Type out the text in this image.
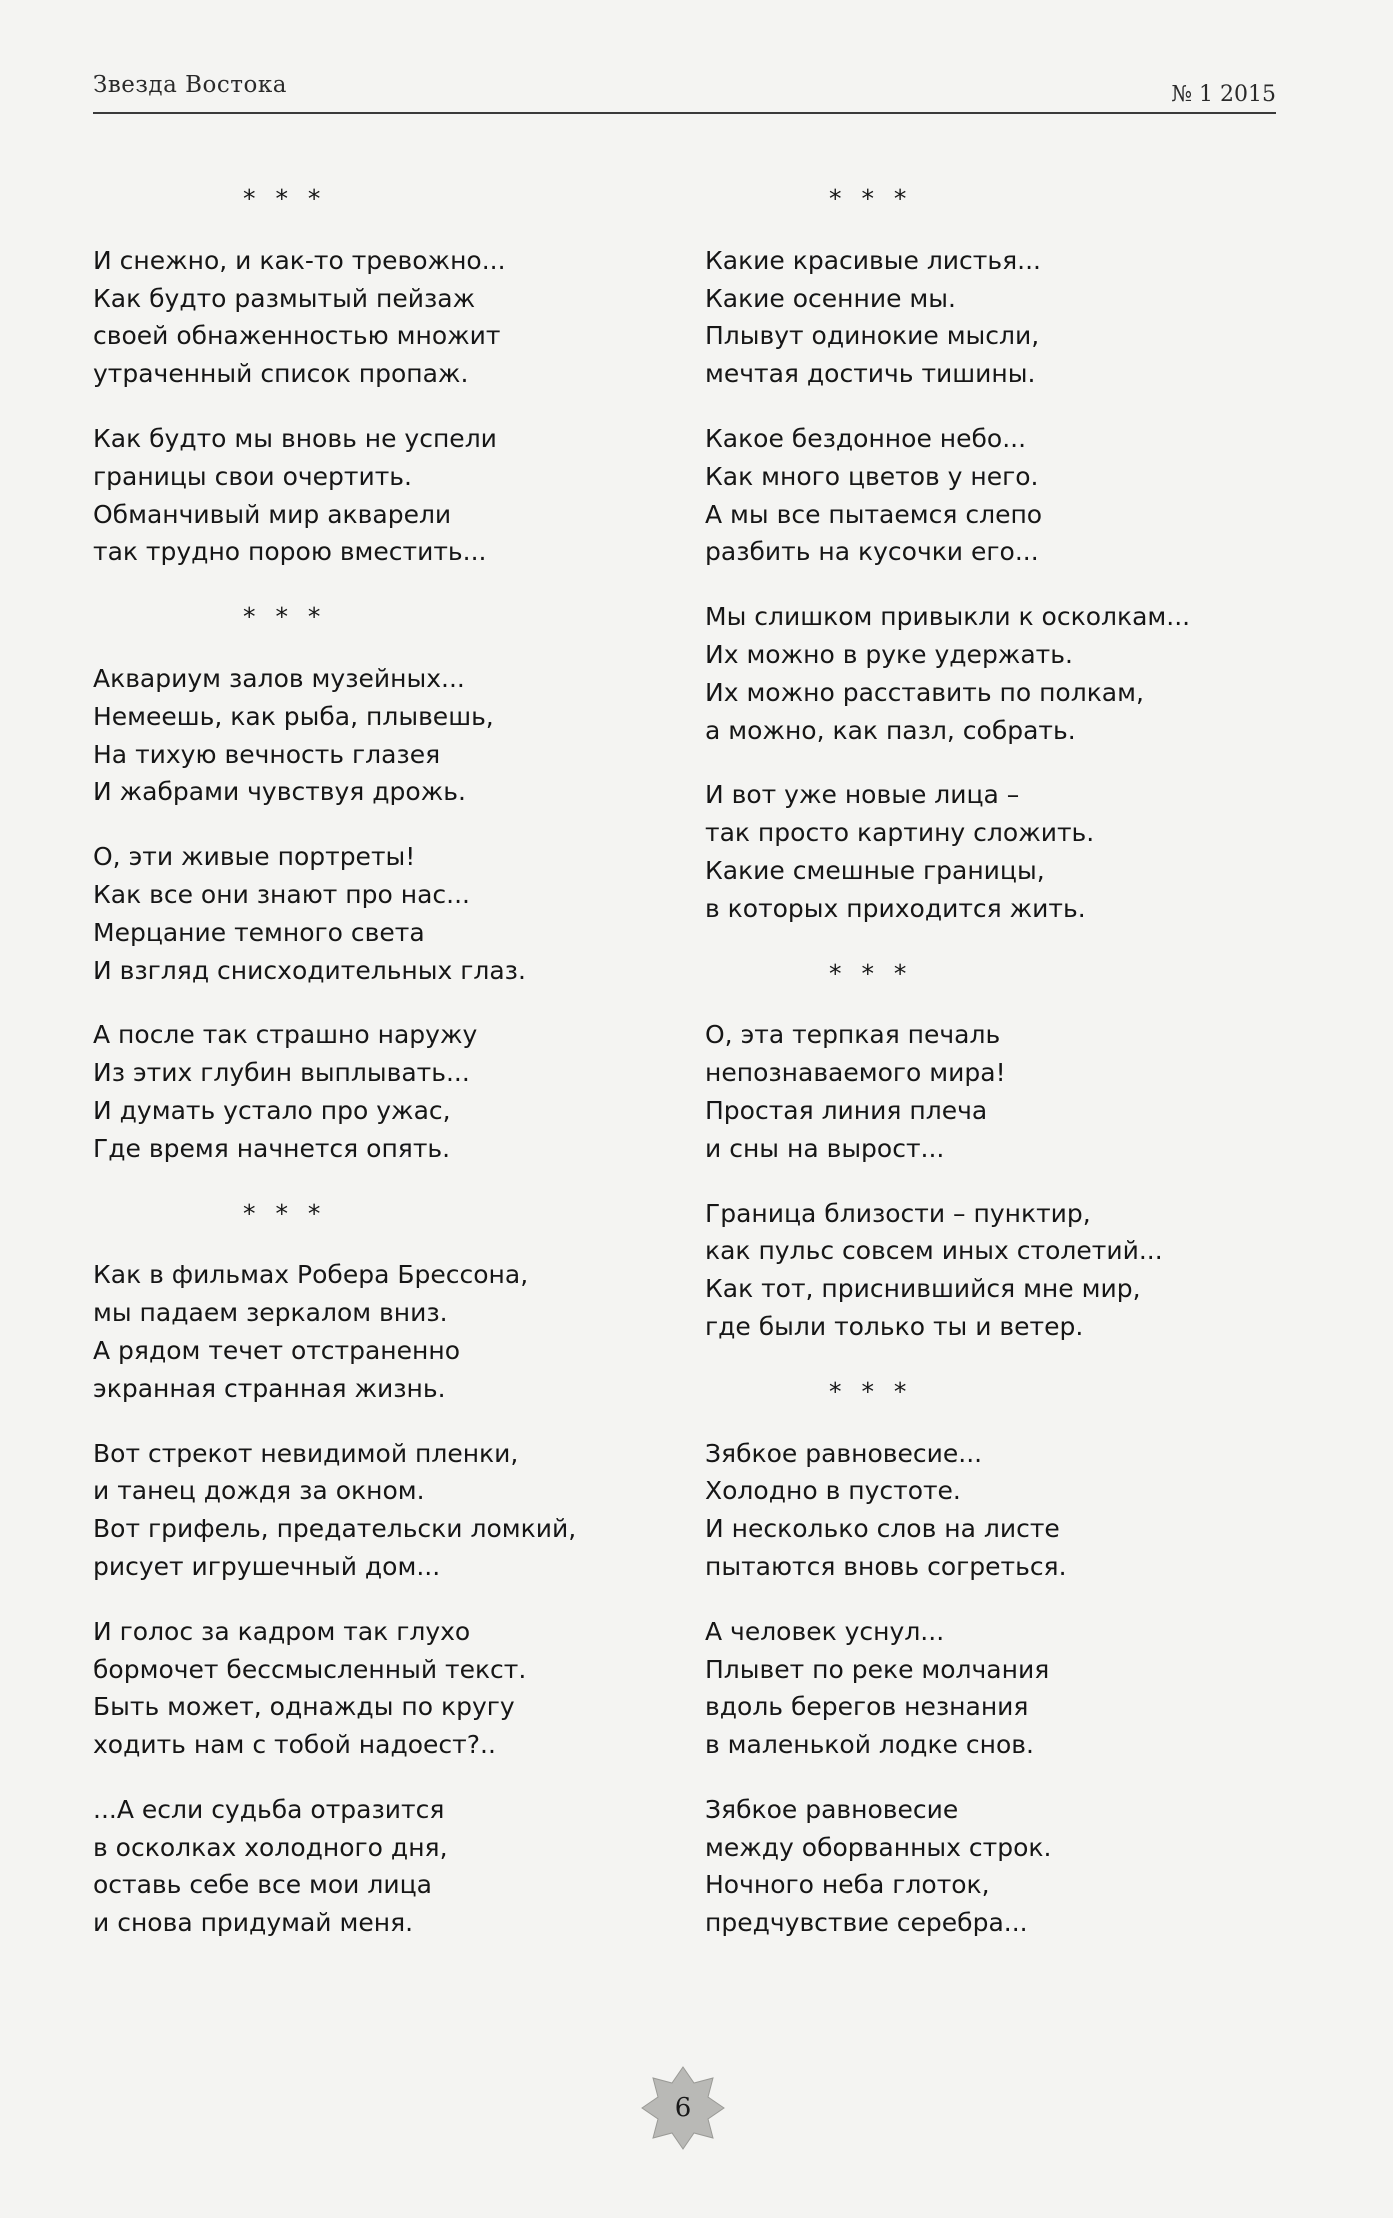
Звезда Востока	№ 1 2015
* * *
И снежно, и как-то тревожно...
Как будто размытый пейзаж
своей обнаженностью множит
утраченный список пропаж.
Как будто мы вновь не успели
границы свои очертить.
Обманчивый мир акварели
так трудно порою вместить...
* * *
Аквариум залов музейных...
Немеешь, как рыба, плывешь,
На тихую вечность глазея
И жабрами чувствуя дрожь.
О, эти живые портреты!
Как все они знают про нас...
Мерцание темного света
И взгляд снисходительных глаз.
А после так страшно наружу
Из этих глубин выплывать...
И думать устало про ужас,
Где время начнется опять.
* * *
Как в фильмах Робера Брессона,
мы падаем зеркалом вниз.
А рядом течет отстраненно
экранная странная жизнь.
Вот стрекот невидимой пленки,
и танец дождя за окном.
Вот грифель, предательски ломкий,
рисует игрушечный дом...
И голос за кадром так глухо
бормочет бессмысленный текст.
Быть может, однажды по кругу
ходить нам с тобой надоест?..
...А если судьба отразится
в осколках холодного дня,
оставь себе все мои лица
и снова придумай меня.
* * *
Какие красивые листья...
Какие осенние мы.
Плывут одинокие мысли,
мечтая достичь тишины.
Какое бездонное небо...
Как много цветов у него.
А мы все пытаемся слепо
разбить на кусочки его...
Мы слишком привыкли к осколкам...
Их можно в руке удержать.
Их можно расставить по полкам,
а можно, как пазл, собрать.
И вот уже новые лица –
так просто картину сложить.
Какие смешные границы,
в которых приходится жить.
* * *
О, эта терпкая печаль
непознаваемого мира!
Простая линия плеча
и сны на вырост...
Граница близости – пунктир,
как пульс совсем иных столетий...
Как тот, приснившийся мне мир,
где были только ты и ветер.
* * *
Зябкое равновесие...
Холодно в пустоте.
И несколько слов на листе
пытаются вновь согреться.
А человек уснул...
Плывет по реке молчания
вдоль берегов незнания
в маленькой лодке снов.
Зябкое равновесие
между оборванных строк.
Ночного неба глоток,
предчувствие серебра...
6
